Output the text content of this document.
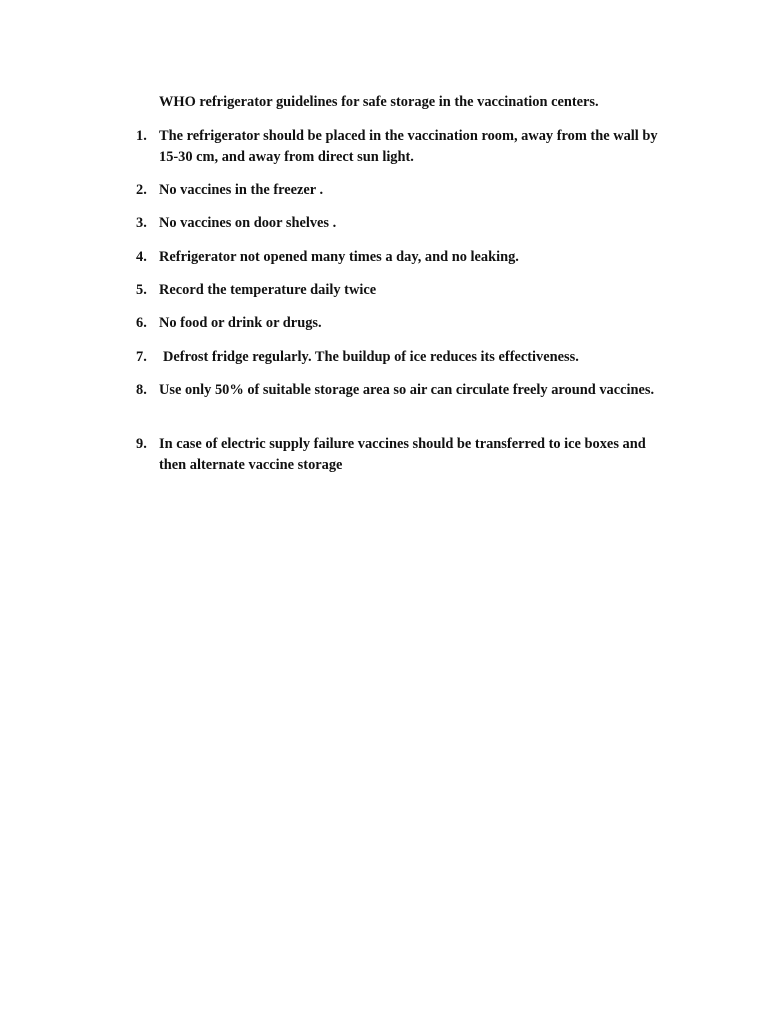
WHO refrigerator guidelines for safe storage in the vaccination centers.
1. The refrigerator should be placed in the vaccination room, away from the wall by 15-30 cm, and away from direct sun light.
2. No vaccines in the freezer .
3. No vaccines on door shelves .
4. Refrigerator not opened many times a day, and no leaking.
5. Record the temperature daily twice
6. No food or drink or drugs.
7. Defrost fridge regularly. The buildup of ice reduces its effectiveness.
8. Use only 50% of suitable storage area so air can circulate freely around vaccines.
9. In case of electric supply failure vaccines should be transferred to ice boxes and then alternate vaccine storage
